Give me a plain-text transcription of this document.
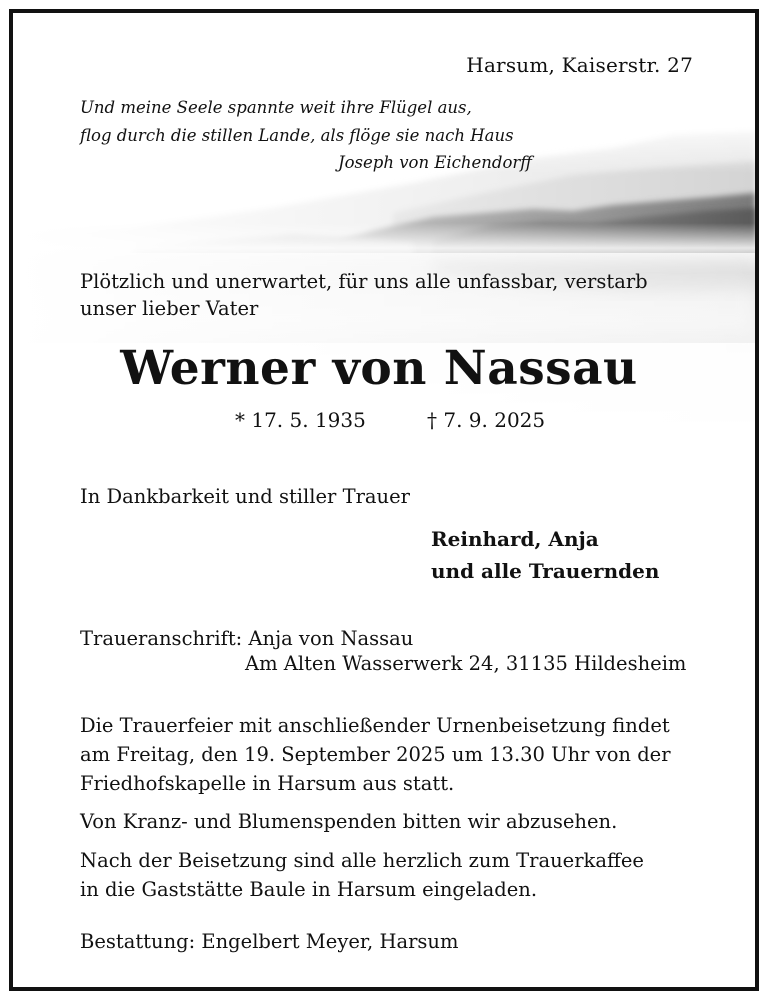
Harsum, Kaiserstr. 27
Und meine Seele spannte weit ihre Flügel aus,
flog durch die stillen Lande, als flöge sie nach Haus
Joseph von Eichendorff
Plötzlich und unerwartet, für uns alle unfassbar, verstarb
unser lieber Vater
Werner von Nassau
* 17. 5. 1935	† 7. 9. 2025
In Dankbarkeit und stiller Trauer
Reinhard, Anja
und alle Trauernden
Traueranschrift: Anja von Nassau
Am Alten Wasserwerk 24, 31135 Hildesheim
Die Trauerfeier mit anschließender Urnenbeisetzung findet
am Freitag, den 19. September 2025 um 13.30 Uhr von der
Friedhofskapelle in Harsum aus statt.
Von Kranz- und Blumenspenden bitten wir abzusehen.
Nach der Beisetzung sind alle herzlich zum Trauerkaffee
in die Gaststätte Baule in Harsum eingeladen.
Bestattung: Engelbert Meyer, Harsum
